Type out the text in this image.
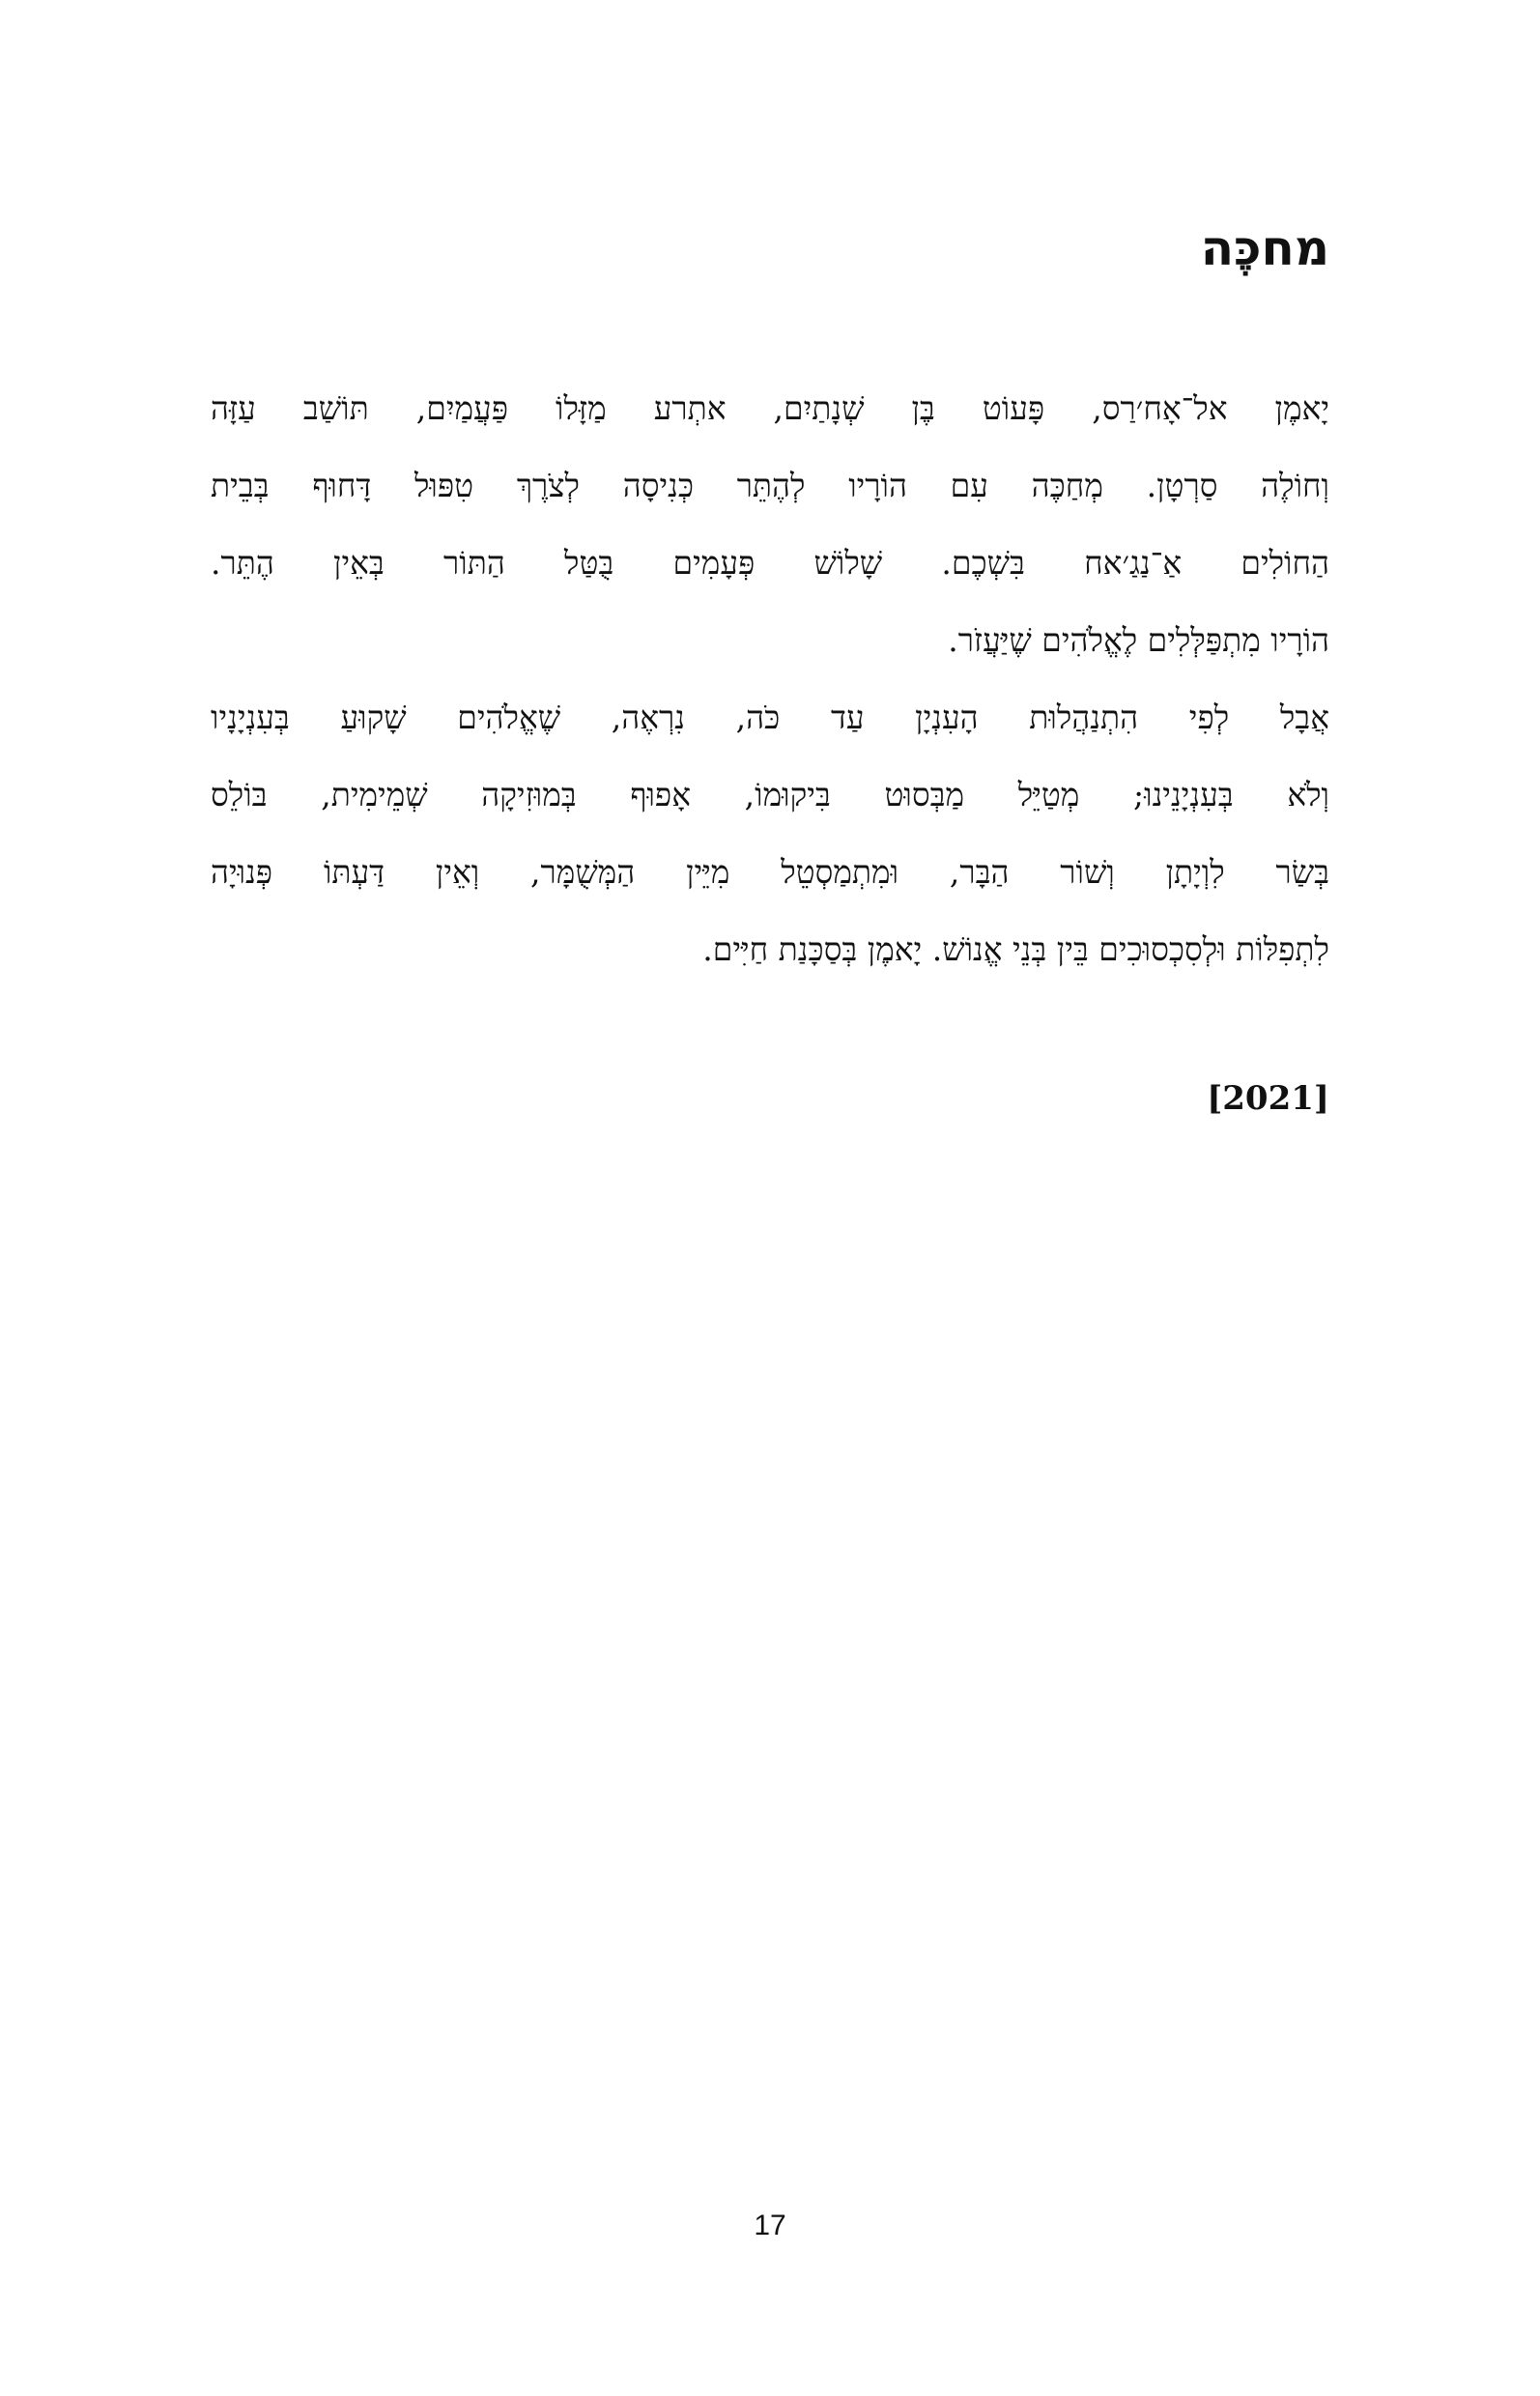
מחכֶּה

יָאמֶן אל־אָח׳רַס, פָּעוֹט בֶּן שְׁנָתַיִם, אתְרע מַזָּלוֹ פַּעֲמַיִם, תּוֹשַׁב עַזָּה
וְחוֹלֶה סַרְטָן. מְחַכֶּה עִם הוֹרָיו לְהֶתֵּר כְּנִיסָה לְצֹרֶךְ טִפּוּל דָּחוּף בְּבֵית
הַחוֹלִים אַ־נַגַ׳אח בִּשְׁכֶם. שָׁלוֹשׁ פְּעָמִים בֻּטַּל הַתּוֹר בְּאֵין הֶתֵּר.
הוֹרָיו מִתְפַּלְּלִים לֶאֱלֹהִים שֶׁיַּעֲזֹר.

אֲבָל לְפִי הִתְנַהֲלוּת הָעִנְיָן עַד כֹּה, נִרְאֶה, שֶׁאֱלֹהִים שָׁקוּעַ בְּעִנְיָנָיו
וְלֹא בְּעִנְיָנֵינוּ; מְטַיֵּל מַבְּסוּט בִּיקוּמוֹ, אָפוּף בְּמוּזִיקָה שְׁמֵימִית, בּוֹלֵס
בְּשַׂר לִוְיָתָן וְשׁוֹר הַבָּר, וּמִתְמַסְטֵל מִיֵּין הַמְּשֻׁמָּר, וְאֵין דַּעְתּוֹ פְּנוּיָה
לִתְפִלּוֹת וּלְסִכְסוּכִים בֵּין בְּנֵי אֱנוֹשׁ. יָאמֶן בְּסַכָּנַת חַיִּים.

[2021]
17
